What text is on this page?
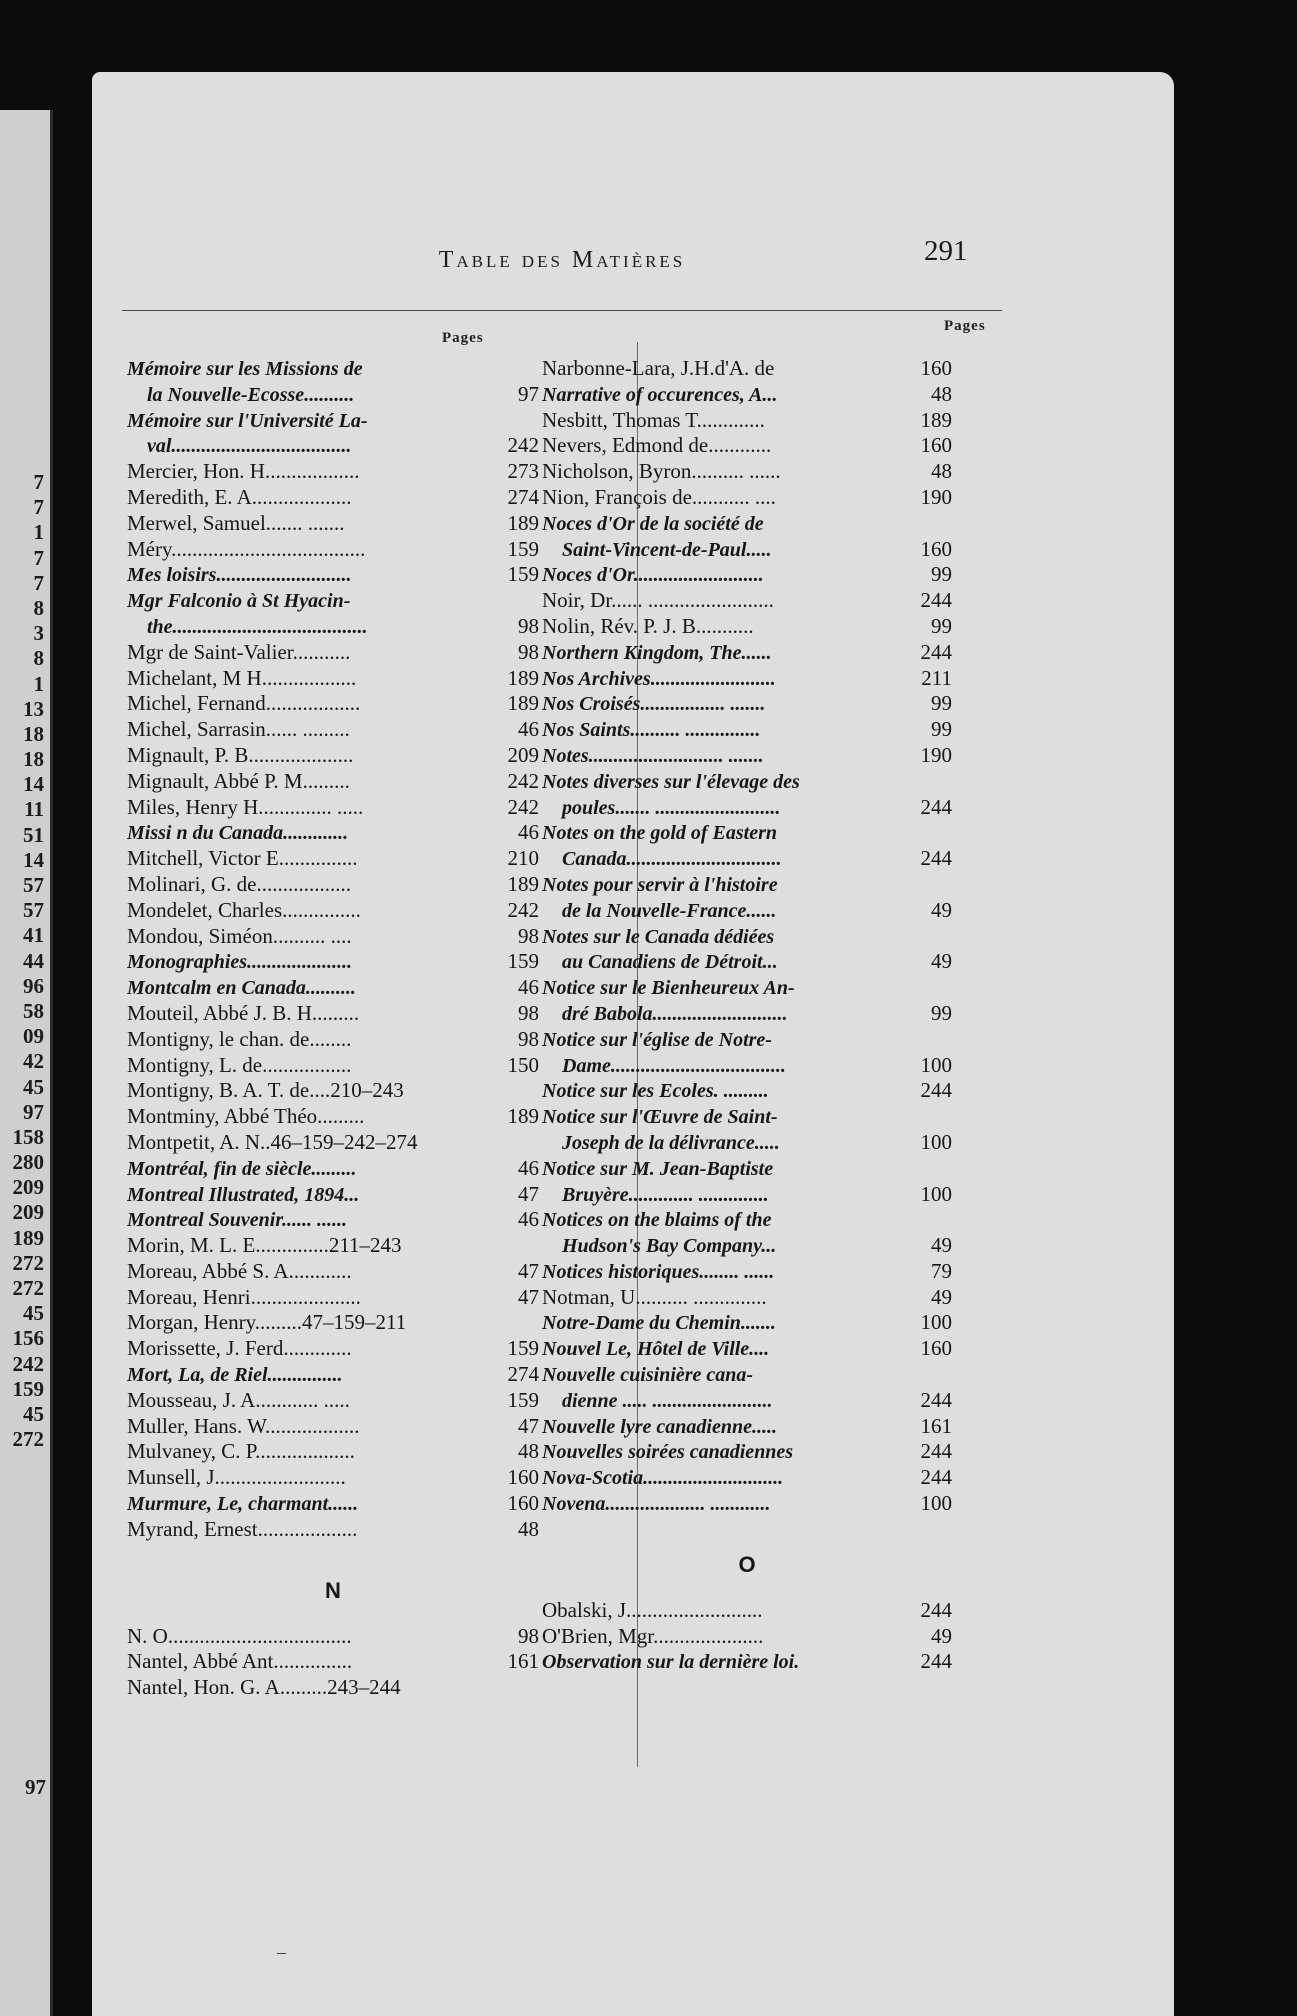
7
7
1
7
7
8
3
8
1
13
18
18
14
11
51
14
57
57
41
44
96
58
09
42
45
97
158
280
209
209
189
272
272
45
156
242
159
45
272
97
Table des Matières	291
Pages
Pages
Mémoire sur les Missions de
la Nouvelle-Ecosse..........	97
Mémoire sur l'Université La-
val....................................	242
Mercier, Hon. H..................	273
Meredith, E. A...................	274
Merwel, Samuel....... .......	189
Méry.....................................	159
Mes loisirs...........................	159
Mgr Falconio à St Hyacin-
the.......................................	98
Mgr de Saint-Valier...........	98
Michelant, M H..................	189
Michel, Fernand..................	189
Michel, Sarrasin...... .........	46
Mignault, P. B....................	209
Mignault, Abbé P. M.........	242
Miles, Henry H.............. .....	242
Missi n du Canada.............	46
Mitchell, Victor E...............	210
Molinari, G. de..................	189
Mondelet, Charles...............	242
Mondou, Siméon.......... ....	98
Monographies.....................	159
Montcalm en Canada..........	46
Mouteil, Abbé J. B. H.........	98
Montigny, le chan. de........	98
Montigny, L. de.................	150
Montigny, B. A. T. de....210–243
Montminy, Abbé Théo.........	189
Montpetit, A. N..46–159–242–274
Montréal, fin de siècle.........	46
Montreal Illustrated, 1894...	47
Montreal Souvenir...... ......	46
Morin, M. L. E..............211–243
Moreau, Abbé S. A............	47
Moreau, Henri.....................	47
Morgan, Henry.........47–159–211
Morissette, J. Ferd.............	159
Mort, La, de Riel...............	274
Mousseau, J. A............ .....	159
Muller, Hans. W..................	47
Mulvaney, C. P...................	48
Munsell, J.........................	160
Murmure, Le, charmant......	160
Myrand, Ernest...................	48
N
N. O...................................	98
Nantel, Abbé Ant...............	161
Nantel, Hon. G. A.........243–244
Narbonne-Lara, J.H.d'A. de	160
Narrative of occurences, A...	48
Nesbitt, Thomas T.............	189
Nevers, Edmond de............	160
Nicholson, Byron.......... ......	48
Nion, François de........... ....	190
Noces d'Or de la société de
Saint-Vincent-de-Paul.....	160
Noces d'Or..........................	99
Noir, Dr...... ........................	244
Nolin, Rév. P. J. B...........	99
Northern Kingdom, The......	244
Nos Archives.........................	211
Nos Croisés................. .......	99
Nos Saints.......... ...............	99
Notes........................... .......	190
Notes diverses sur l'élevage des
poules....... .........................	244
Notes on the gold of Eastern
Canada...............................	244
Notes pour servir à l'histoire
de la Nouvelle-France......	49
Notes sur le Canada dédiées
au Canadiens de Détroit...	49
Notice sur le Bienheureux An-
dré Babola...........................	99
Notice sur l'église de Notre-
Dame...................................	100
Notice sur les Ecoles. .........	244
Notice sur l'Œuvre de Saint-
Joseph de la délivrance.....	100
Notice sur M. Jean-Baptiste
Bruyère............. ..............	100
Notices on the blaims of the
Hudson's Bay Company...	49
Notices historiques........ ......	79
Notman, U.......... ..............	49
Notre-Dame du Chemin.......	100
Nouvel Le, Hôtel de Ville....	160
Nouvelle cuisinière cana-
dienne ..... ........................	244
Nouvelle lyre canadienne.....	161
Nouvelles soirées canadiennes	244
Nova-Scotia............................	244
Novena.................... ............	100
O
Obalski, J..........................	244
O'Brien, Mgr.....................	49
Observation sur la dernière loi.	244
–
